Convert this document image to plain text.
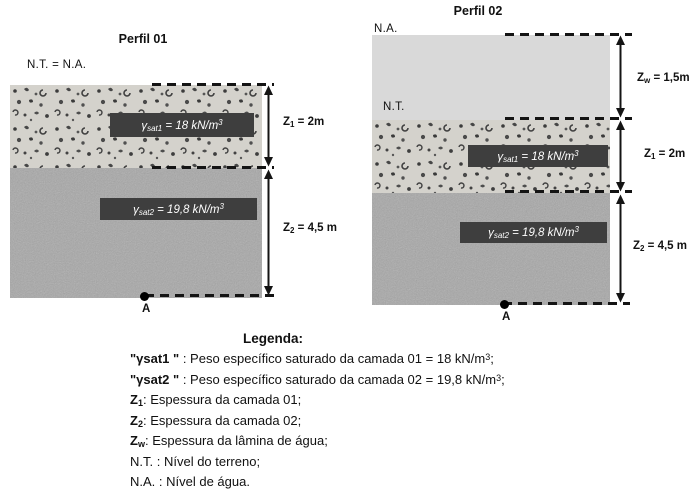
Perfil 01
N.T. = N.A.
$\gamma_{sat1} = 18$ $kN/m^3$
$\gamma_{sat2} = 19,8$ $kN/m^3$
$Z_1 = 2m$
$Z_2 = 4,5$ m
A
Perfil 02
N.A.
N.T.
$\gamma_{sat1} = 18$ $kN/m^3$
$\gamma_{sat2} = 19,8$ $kN/m^3$
$Z_w = 1,5m$
$Z_1 = 2m$
$Z_2 = 4,5$ m
A
Legenda:
"γsat1 " : Peso específico saturado da camada 01 = 18 $kN/m^3$;
"γsat2 " : Peso específico saturado da camada 02 = 19,8 $kN/m^3$;
$Z_1$: Espessura da camada 01;
$Z_2$: Espessura da camada 02;
$Z_w$: Espessura da lâmina de água;
N.T. : Nível do terreno;
N.A. : Nível de água.
